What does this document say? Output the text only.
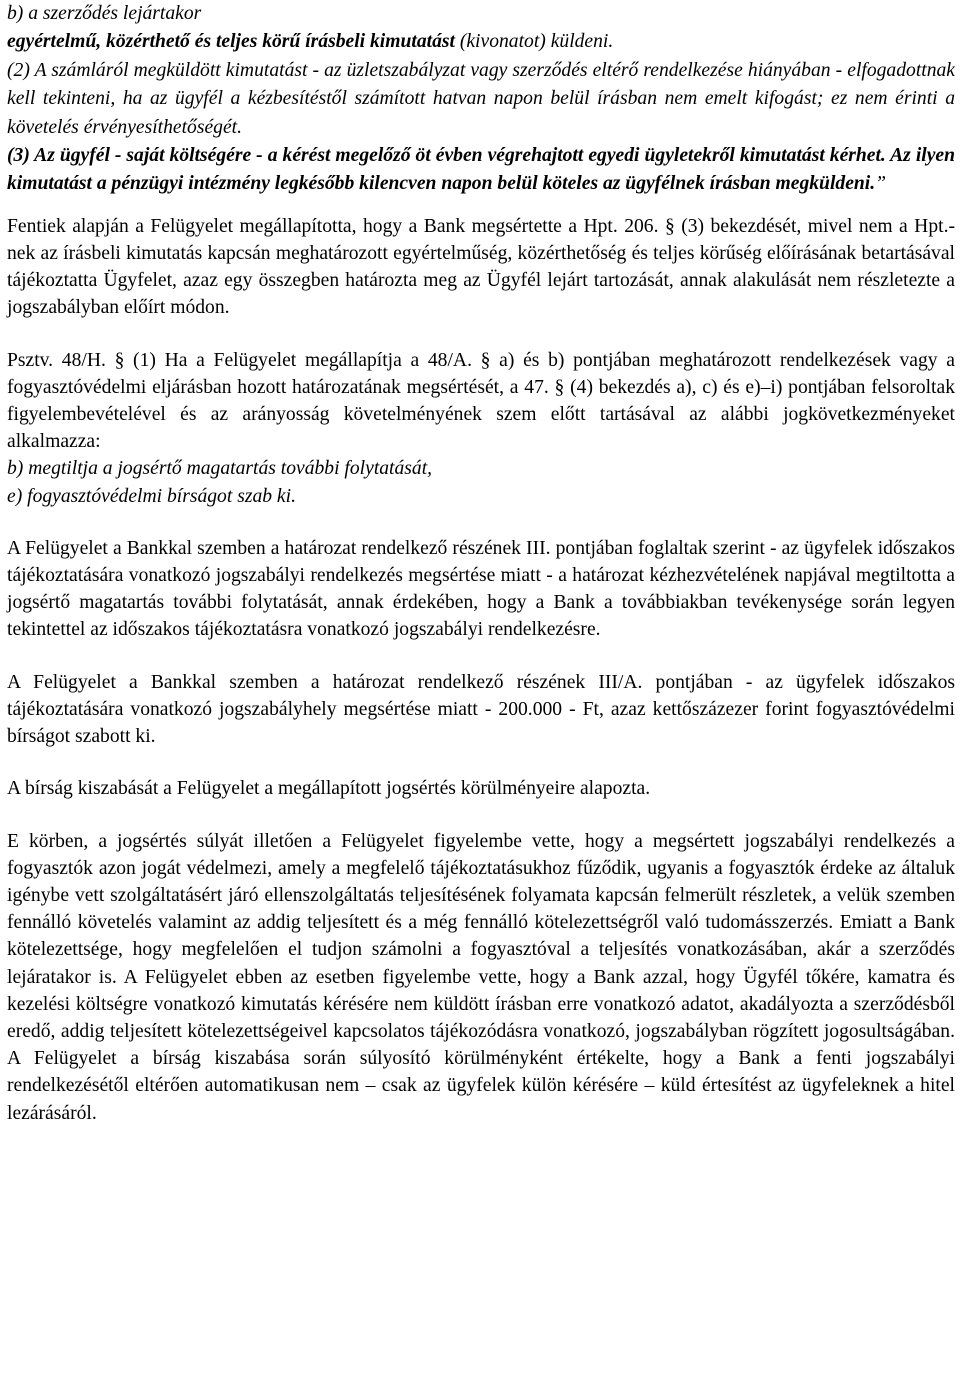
b) a szerződés lejártakor

egyértelmű, közérthető és teljes körű írásbeli kimutatást (kivonatot) küldeni.

(2) A számláról megküldött kimutatást - az üzletszabályzat vagy szerződés eltérő rendelkezése hiányában - elfogadottnak kell tekinteni, ha az ügyfél a kézbesítéstől számított hatvan napon belül írásban nem emelt kifogást; ez nem érinti a követelés érvényesíthetőségét.

(3) Az ügyfél - saját költségére - a kérést megelőző öt évben végrehajtott egyedi ügyletekről kimutatást kérhet. Az ilyen kimutatást a pénzügyi intézmény legkésőbb kilencven napon belül köteles az ügyfélnek írásban megküldeni.”

Fentiek alapján a Felügyelet megállapította, hogy a Bank megsértette a Hpt. 206. § (3) bekezdését, mivel nem a Hpt.-nek az írásbeli kimutatás kapcsán meghatározott egyértelműség, közérthetőség és teljes körűség előírásának betartásával tájékoztatta Ügyfelet, azaz egy összegben határozta meg az Ügyfél lejárt tartozását, annak alakulását nem részletezte a jogszabályban előírt módon.

Psztv. 48/H. § (1) Ha a Felügyelet megállapítja a 48/A. § a) és b) pontjában meghatározott rendelkezések vagy a fogyasztóvédelmi eljárásban hozott határozatának megsértését, a 47. § (4) bekezdés a), c) és e)–i) pontjában felsoroltak figyelembevételével és az arányosság követelményének szem előtt tartásával az alábbi jogkövetkezményeket alkalmazza:
b) megtiltja a jogsértő magatartás további folytatását,
e) fogyasztóvédelmi bírságot szab ki.

A Felügyelet a Bankkal szemben a határozat rendelkező részének III. pontjában foglaltak szerint - az ügyfelek időszakos tájékoztatására vonatkozó jogszabályi rendelkezés megsértése miatt - a határozat kézhezvételének napjával megtiltotta a jogsértő magatartás további folytatását, annak érdekében, hogy a Bank a továbbiakban tevékenysége során legyen tekintettel az időszakos tájékoztatásra vonatkozó jogszabályi rendelkezésre.

A Felügyelet a Bankkal szemben a határozat rendelkező részének III/A. pontjában - az ügyfelek időszakos tájékoztatására vonatkozó jogszabályhely megsértése miatt - 200.000 - Ft, azaz kettőszázezer forint fogyasztóvédelmi bírságot szabott ki.

A bírság kiszabását a Felügyelet a megállapított jogsértés körülményeire alapozta.

E körben, a jogsértés súlyát illetően a Felügyelet figyelembe vette, hogy a megsértett jogszabályi rendelkezés a fogyasztók azon jogát védelmezi, amely a megfelelő tájékoztatásukhoz fűződik, ugyanis a fogyasztók érdeke az általuk igénybe vett szolgáltatásért járó ellenszolgáltatás teljesítésének folyamata kapcsán felmerült részletek, a velük szemben fennálló követelés valamint az addig teljesített és a még fennálló kötelezettségről való tudomásszerzés. Emiatt a Bank kötelezettsége, hogy megfelelően el tudjon számolni a fogyasztóval a teljesítés vonatkozásában, akár a szerződés lejáratakor is. A Felügyelet ebben az esetben figyelembe vette, hogy a Bank azzal, hogy Ügyfél tőkére, kamatra és kezelési költségre vonatkozó kimutatás kérésére nem küldött írásban erre vonatkozó adatot, akadályozta a szerződésből eredő, addig teljesített kötelezettségeivel kapcsolatos tájékozódásra vonatkozó, jogszabályban rögzített jogosultságában. A Felügyelet a bírság kiszabása során súlyosító körülményként értékelte, hogy a Bank a fenti jogszabályi rendelkezésétől eltérően automatikusan nem – csak az ügyfelek külön kérésére – küld értesítést az ügyfeleknek a hitel lezárásáról.
